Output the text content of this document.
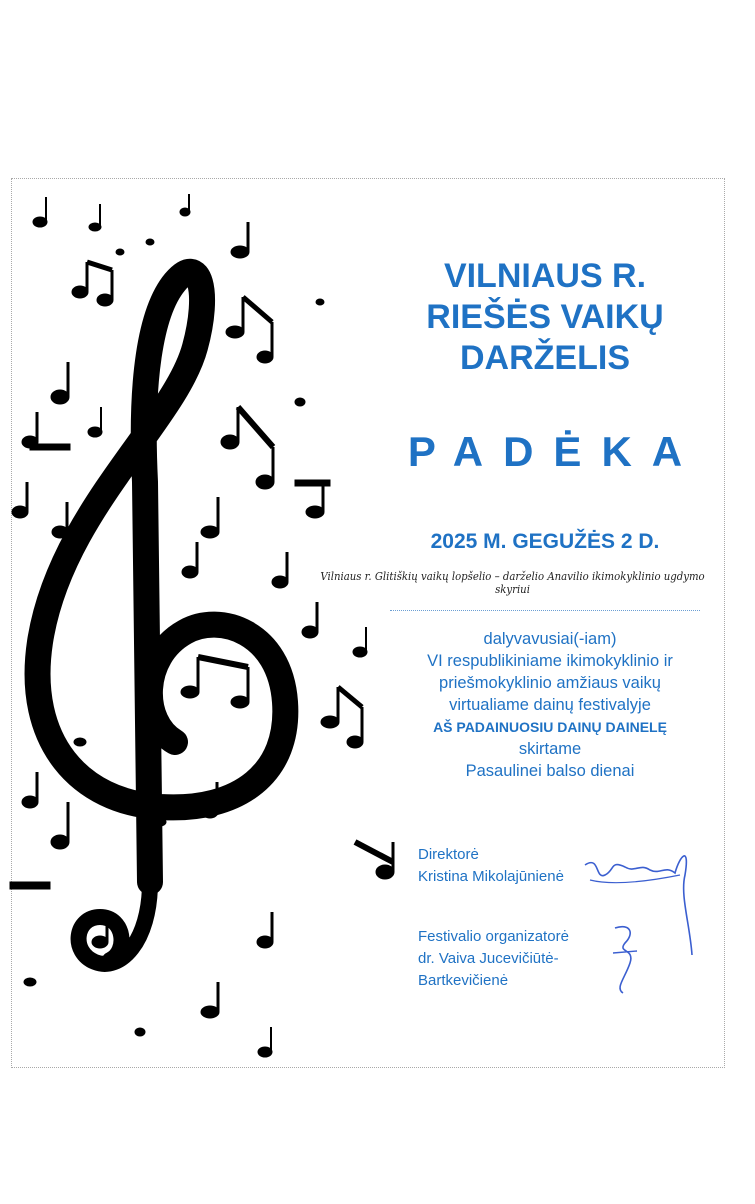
VILNIAUS R.
RIEŠĖS VAIKŲ
DARŽELIS
PADĖKA
2025 M. GEGUŽĖS 2 D.
Vilniaus r. Glitiškių vaikų lopšelio – darželio Anavilio ikimokyklinio ugdymo skyriui
dalyvavusiai(-iam)
VI respublikiniame ikimokyklinio ir
priešmokyklinio amžiaus vaikų
virtualiame dainų festivalyje
AŠ PADAINUOSIU DAINŲ DAINELĘ
skirtame
Pasaulinei balso dienai
Direktorė
Kristina Mikolajūnienė
Festivalio organizatorė
dr. Vaiva Jucevičiūtė-
Bartkevičienė
